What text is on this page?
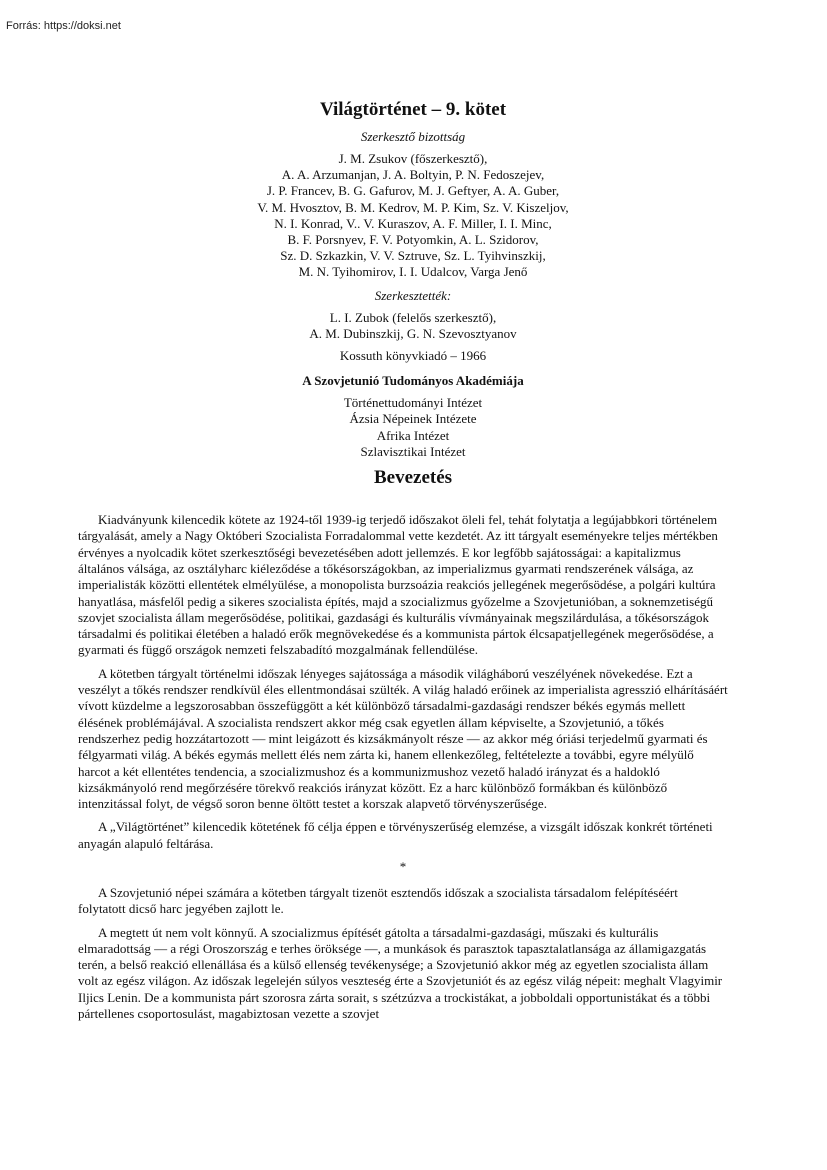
Forrás: https://doksi.net
Világtörténet – 9. kötet
Szerkesztő bizottság
J. M. Zsukov (főszerkesztő),
A. A. Arzumanjan, J. A. Boltyin, P. N. Fedoszejev,
J. P. Francev, B. G. Gafurov, M. J. Geftyer, A. A. Guber,
V. M. Hvosztov, B. M. Kedrov, M. P. Kim, Sz. V. Kiszeljov,
N. I. Konrad, V.. V. Kuraszov, A. F. Miller, I. I. Minc,
B. F. Porsnyev, F. V. Potyomkin, A. L. Szidorov,
Sz. D. Szkazkin, V. V. Sztruve, Sz. L. Tyihvinszkij,
M. N. Tyihomirov, I. I. Udalcov, Varga Jenő
Szerkesztették:
L. I. Zubok (felelős szerkesztő),
A. M. Dubinszkij, G. N. Szevosztyanov
Kossuth könyvkiadó – 1966
A Szovjetunió Tudományos Akadémiája
Történettudományi Intézet
Ázsia Népeinek Intézete
Afrika Intézet
Szlavisztikai Intézet
Bevezetés

Kiadványunk kilencedik kötete az 1924-től 1939-ig terjedő időszakot öleli fel, tehát folytatja a legújabbkori történelem tárgyalását, amely a Nagy Októberi Szocialista Forradalommal vette kezdetét. Az itt tárgyalt eseményekre teljes mértékben érvényes a nyolcadik kötet szerkesztőségi bevezetésében adott jellemzés. E kor legfőbb sajátosságai: a kapitalizmus általános válsága, az osztályharc kiéleződése a tőkésországokban, az imperializmus gyarmati rendszerének válsága, az imperialisták közötti ellentétek elmélyülése, a monopolista burzsoázia reakciós jellegének megerősödése, a polgári kultúra hanyatlása, másfelől pedig a sikeres szocialista építés, majd a szocializmus győzelme a Szovjetunióban, a soknemzetiségű szovjet szocialista állam megerősödése, politikai, gazdasági és kulturális vívmányainak megszilárdulása, a tőkésországok társadalmi és politikai életében a haladó erők megnövekedése és a kommunista pártok élcsapatjellegének megerősödése, a gyarmati és függő országok nemzeti felszabadító mozgalmának fellendülése.

A kötetben tárgyalt történelmi időszak lényeges sajátossága a második világháború veszélyének növekedése. Ezt a veszélyt a tőkés rendszer rendkívül éles ellentmondásai szülték. A világ haladó erőinek az imperialista agresszió elhárításáért vívott küzdelme a legszorosabban összefüggött a két különböző társadalmi-gazdasági rendszer békés egymás mellett élésének problémájával. A szocialista rendszert akkor még csak egyetlen állam képviselte, a Szovjetunió, a tőkés rendszerhez pedig hozzátartozott — mint leigázott és kizsákmányolt része — az akkor még óriási terjedelmű gyarmati és félgyarmati világ. A békés egymás mellett élés nem zárta ki, hanem ellenkezőleg, feltételezte a további, egyre mélyülő harcot a két ellentétes tendencia, a szocializmushoz és a kommunizmushoz vezető haladó irányzat és a haldokló kizsákmányoló rend megőrzésére törekvő reakciós irányzat között. Ez a harc különböző formákban és különböző intenzitással folyt, de végső soron benne öltött testet a korszak alapvető törvényszerűsége.

A „Világtörténet” kilencedik kötetének fő célja éppen e törvényszerűség elemzése, a vizsgált időszak konkrét történeti anyagán alapuló feltárása.

*

A Szovjetunió népei számára a kötetben tárgyalt tizenöt esztendős időszak a szocialista társadalom felépítéséért folytatott dicső harc jegyében zajlott le.

A megtett út nem volt könnyű. A szocializmus építését gátolta a társadalmi-gazdasági, műszaki és kulturális elmaradottság — a régi Oroszország e terhes öröksége —, a munkások és parasztok tapasztalatlansága az államigazgatás terén, a belső reakció ellenállása és a külső ellenség tevékenysége; a Szovjetunió akkor még az egyetlen szocialista állam volt az egész világon. Az időszak legelején súlyos veszteség érte a Szovjetuniót és az egész világ népeit: meghalt Vlagyimir Iljics Lenin. De a kommunista párt szorosra zárta sorait, s szétzúzva a trockistákat, a jobboldali opportunistákat és a többi pártellenes csoportosulást, magabiztosan vezette a szovjet
